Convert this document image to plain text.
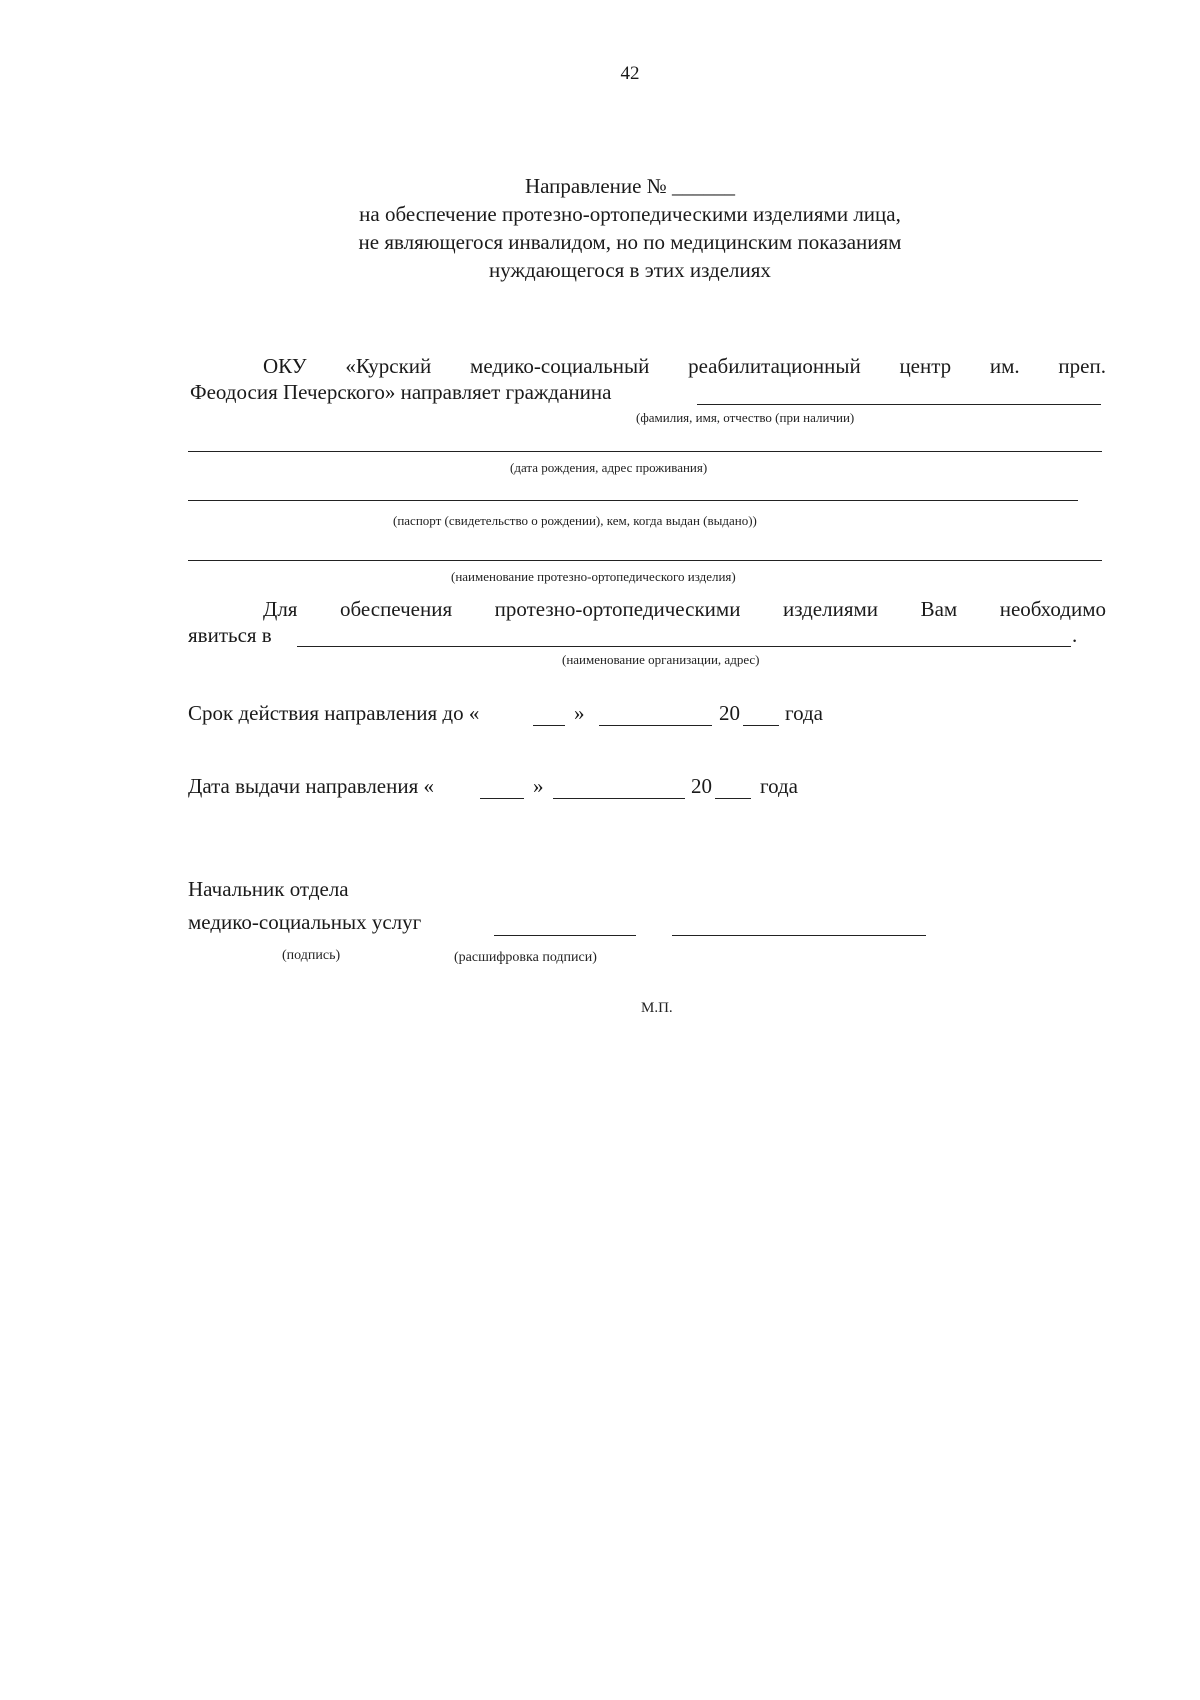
42
Направление № ______
на обеспечение протезно-ортопедическими изделиями лица,
не являющегося инвалидом, но по медицинским показаниям
нуждающегося в этих изделиях
ОКУ «Курский медико-социальный реабилитационный центр им. преп.
Феодосия Печерского» направляет гражданина
(фамилия, имя, отчество (при наличии)
(дата рождения, адрес проживания)
(паспорт (свидетельство о рождении), кем, когда выдан (выдано))
(наименование протезно-ортопедического изделия)
Для обеспечения протезно-ортопедическими изделиями Вам необходимо
явиться в	.
(наименование организации, адрес)
Срок действия направления до «	»	20 года
Дата выдачи направления «	»	20 года
Начальник отдела
медико-социальных услуг
(подпись)	(расшифровка подписи)
М.П.
